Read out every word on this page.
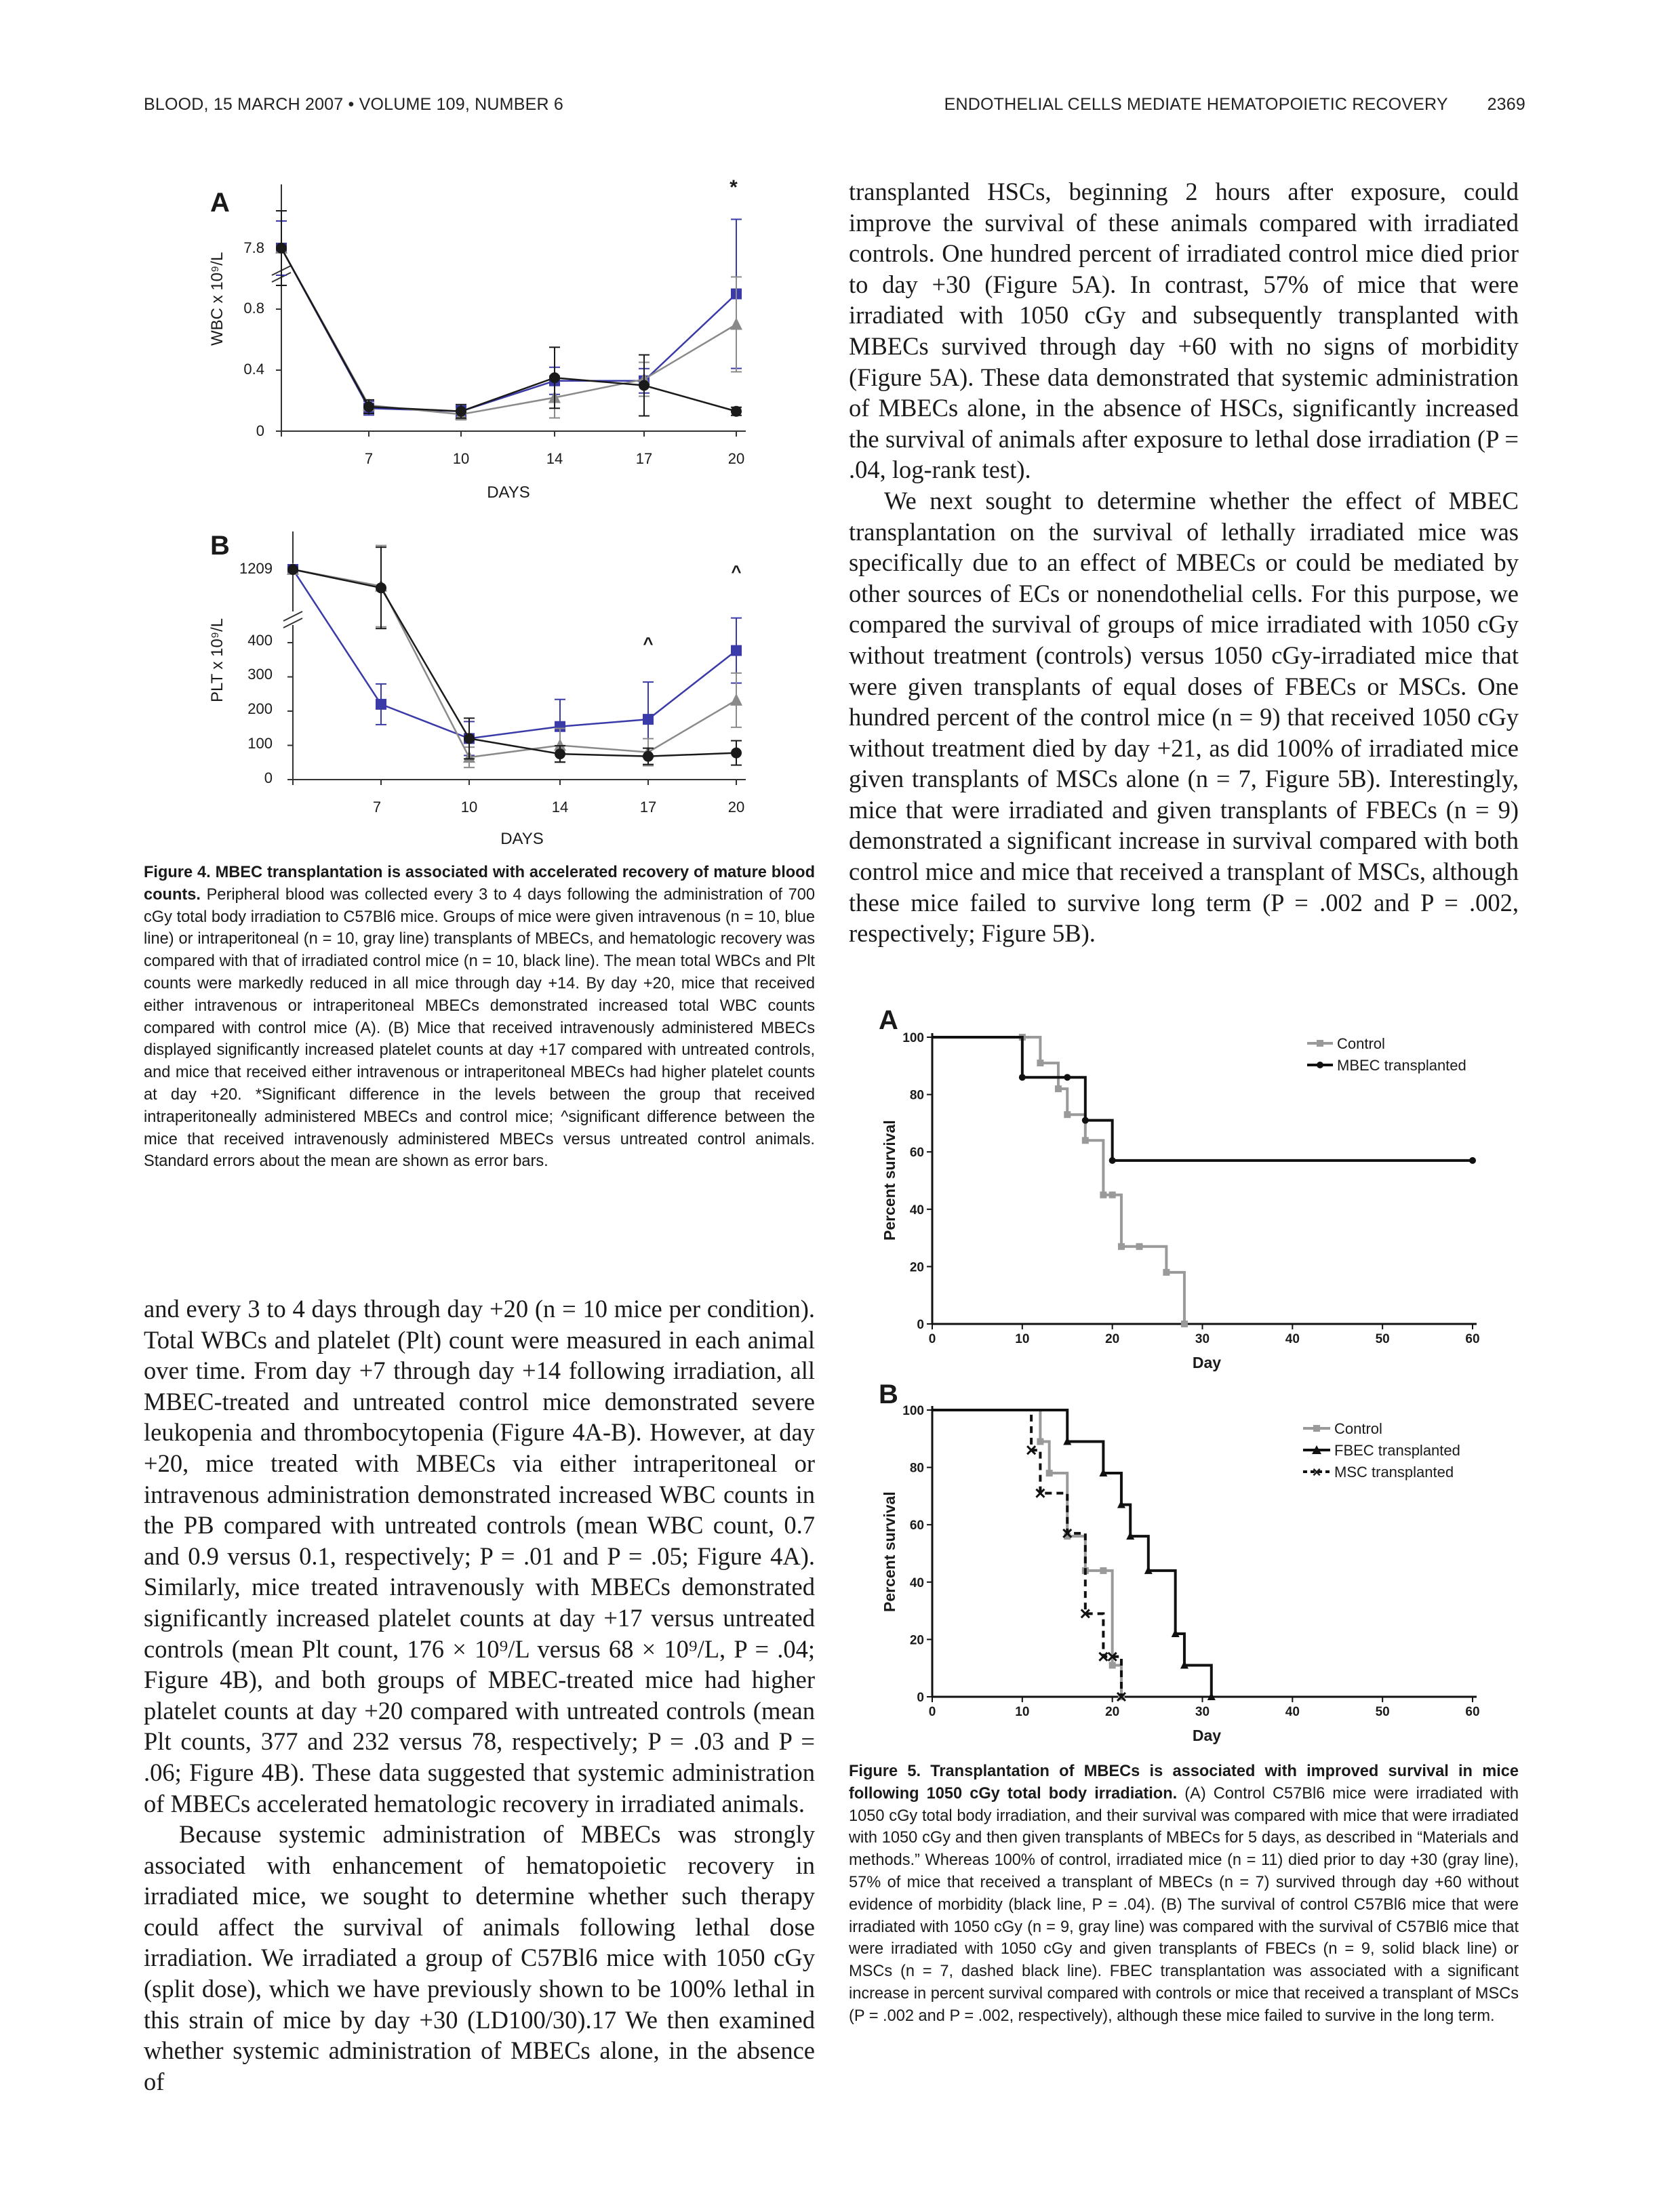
BLOOD, 15 MARCH 2007 • VOLUME 109, NUMBER 6	ENDOTHELIAL CELLS MEDIATE HEMATOPOIETIC RECOVERY 2369
A
WBC x 10⁹/L
7.8
0.8
0.4
0
7	10	14	17	20
DAYS
*
B
PLT x 10⁹/L
1209
400
300
200
100
0
7	10	14	17	20
DAYS
^
^
Figure 4. MBEC transplantation is associated with accelerated recovery of mature blood counts. Peripheral blood was collected every 3 to 4 days following the administration of 700 cGy total body irradiation to C57Bl6 mice. Groups of mice were given intravenous (n = 10, blue line) or intraperitoneal (n = 10, gray line) transplants of MBECs, and hematologic recovery was compared with that of irradiated control mice (n = 10, black line). The mean total WBCs and Plt counts were markedly reduced in all mice through day +14. By day +20, mice that received either intravenous or intraperitoneal MBECs demonstrated increased total WBC counts compared with control mice (A). (B) Mice that received intravenously administered MBECs displayed significantly increased platelet counts at day +17 compared with untreated controls, and mice that received either intravenous or intraperitoneal MBECs had higher platelet counts at day +20. *Significant difference in the levels between the group that received intraperitoneally administered MBECs and control mice; ^significant difference between the mice that received intravenously administered MBECs versus untreated control animals. Standard errors about the mean are shown as error bars.

and every 3 to 4 days through day +20 (n = 10 mice per condition). Total WBCs and platelet (Plt) count were measured in each animal over time. From day +7 through day +14 following irradiation, all MBEC-treated and untreated control mice demonstrated severe leukopenia and thrombocytopenia (Figure 4A-B). However, at day +20, mice treated with MBECs via either intraperitoneal or intravenous administration demonstrated increased WBC counts in the PB compared with untreated controls (mean WBC count, 0.7 and 0.9 versus 0.1, respectively; P = .01 and P = .05; Figure 4A). Similarly, mice treated intravenously with MBECs demonstrated significantly increased platelet counts at day +17 versus untreated controls (mean Plt count, 176 × 10⁹/L versus 68 × 10⁹/L, P = .04; Figure 4B), and both groups of MBEC-treated mice had higher platelet counts at day +20 compared with untreated controls (mean Plt counts, 377 and 232 versus 78, respectively; P = .03 and P = .06; Figure 4B). These data suggested that systemic administration of MBECs accelerated hematologic recovery in irradiated animals.

Because systemic administration of MBECs was strongly associated with enhancement of hematopoietic recovery in irradiated mice, we sought to determine whether such therapy could affect the survival of animals following lethal dose irradiation. We irradiated a group of C57Bl6 mice with 1050 cGy (split dose), which we have previously shown to be 100% lethal in this strain of mice by day +30 (LD100/30).17 We then examined whether systemic administration of MBECs alone, in the absence of

transplanted HSCs, beginning 2 hours after exposure, could improve the survival of these animals compared with irradiated controls. One hundred percent of irradiated control mice died prior to day +30 (Figure 5A). In contrast, 57% of mice that were irradiated with 1050 cGy and subsequently transplanted with MBECs survived through day +60 with no signs of morbidity (Figure 5A). These data demonstrated that systemic administration of MBECs alone, in the absence of HSCs, significantly increased the survival of animals after exposure to lethal dose irradiation (P = .04, log-rank test).

We next sought to determine whether the effect of MBEC transplantation on the survival of lethally irradiated mice was specifically due to an effect of MBECs or could be mediated by other sources of ECs or nonendothelial cells. For this purpose, we compared the survival of groups of mice irradiated with 1050 cGy without treatment (controls) versus 1050 cGy-irradiated mice that were given transplants of equal doses of FBECs or MSCs. One hundred percent of the control mice (n = 9) that received 1050 cGy without treatment died by day +21, as did 100% of irradiated mice given transplants of MSCs alone (n = 7, Figure 5B). Interestingly, mice that were irradiated and given transplants of FBECs (n = 9) demonstrated a significant increase in survival compared with both control mice and mice that received a transplant of MSCs, although these mice failed to survive long term (P = .002 and P = .002, respectively; Figure 5B).

A
Percent survival
Day
100
80
60
40
20
0
0	10	20	30	40	50	60
Control
MBEC transplanted
B
Percent survival
Day
100
80
60
40
20
0
0	10	20	30	40	50	60
Control
FBEC transplanted
× MSC transplanted
Figure 5. Transplantation of MBECs is associated with improved survival in mice following 1050 cGy total body irradiation. (A) Control C57Bl6 mice were irradiated with 1050 cGy total body irradiation, and their survival was compared with mice that were irradiated with 1050 cGy and then given transplants of MBECs for 5 days, as described in “Materials and methods.” Whereas 100% of control, irradiated mice (n = 11) died prior to day +30 (gray line), 57% of mice that received a transplant of MBECs (n = 7) survived through day +60 without evidence of morbidity (black line, P = .04). (B) The survival of control C57Bl6 mice that were irradiated with 1050 cGy (n = 9, gray line) was compared with the survival of C57Bl6 mice that were irradiated with 1050 cGy and given transplants of FBECs (n = 9, solid black line) or MSCs (n = 7, dashed black line). FBEC transplantation was associated with a significant increase in percent survival compared with controls or mice that received a transplant of MSCs (P = .002 and P = .002, respectively), although these mice failed to survive in the long term.
